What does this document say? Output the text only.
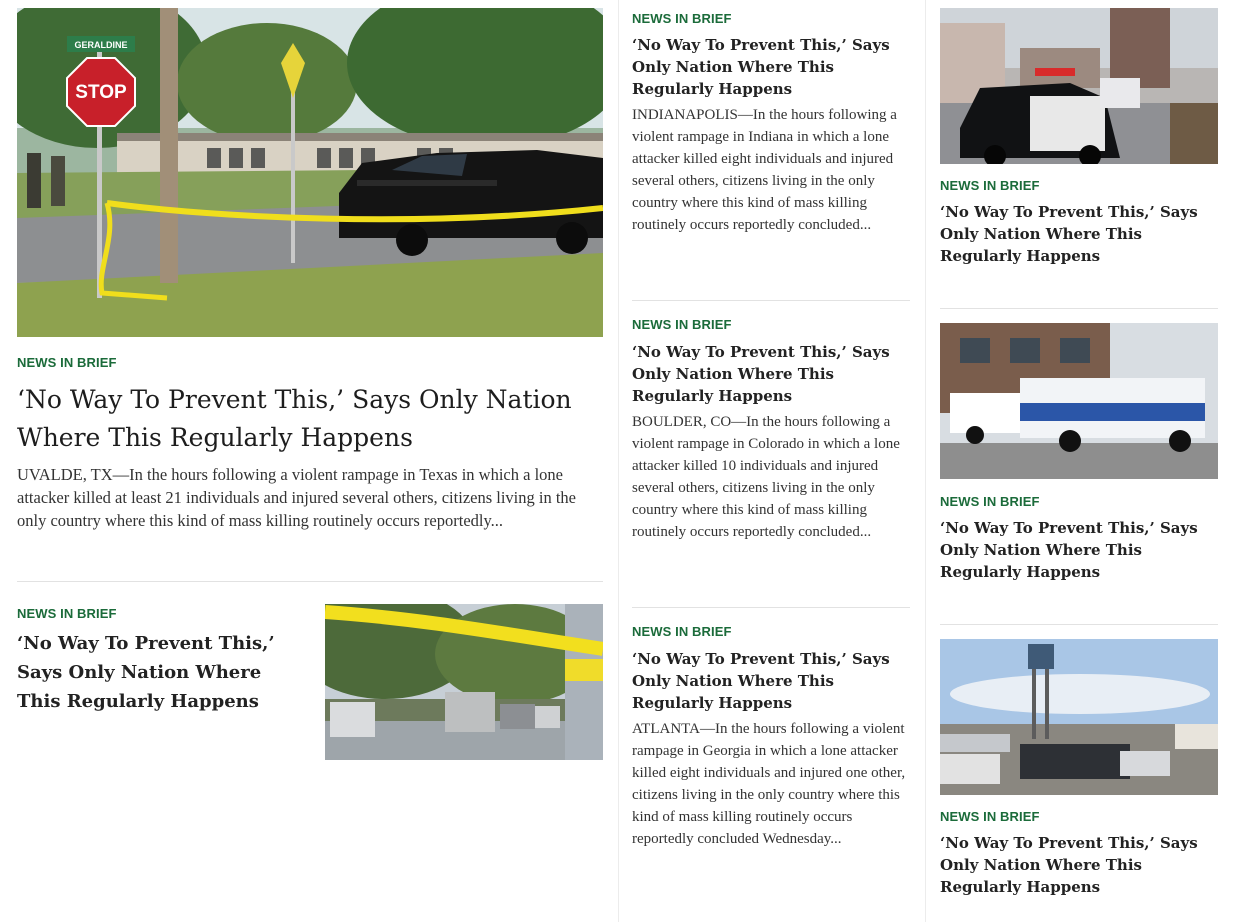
GERALDINE
STOP
NEWS IN BRIEF
‘No Way To Prevent This,’ Says Only Nation Where This Regularly Happens
UVALDE, TX—In the hours following a violent rampage in Texas in which a lone attacker killed at least 21 individuals and injured several others, citizens living in the only country where this kind of mass killing routinely occurs reportedly...
NEWS IN BRIEF
‘No Way To Prevent This,’ Says Only Nation Where This Regularly Happens
NEWS IN BRIEF
‘No Way To Prevent This,’ Says Only Nation Where This Regularly Happens
INDIANAPOLIS—In the hours following a violent rampage in Indiana in which a lone attacker killed eight individuals and injured several others, citizens living in the only country where this kind of mass killing routinely occurs reportedly concluded...
NEWS IN BRIEF
‘No Way To Prevent This,’ Says Only Nation Where This Regularly Happens
BOULDER, CO—In the hours following a violent rampage in Colorado in which a lone attacker killed 10 individuals and injured several others, citizens living in the only country where this kind of mass killing routinely occurs reportedly concluded...
NEWS IN BRIEF
‘No Way To Prevent This,’ Says Only Nation Where This Regularly Happens
ATLANTA—In the hours following a violent rampage in Georgia in which a lone attacker killed eight individuals and injured one other, citizens living in the only country where this kind of mass killing routinely occurs reportedly concluded Wednesday...
NEWS IN BRIEF
‘No Way To Prevent This,’ Says Only Nation Where This Regularly Happens
NEWS IN BRIEF
‘No Way To Prevent This,’ Says Only Nation Where This Regularly Happens
NEWS IN BRIEF
‘No Way To Prevent This,’ Says Only Nation Where This Regularly Happens
